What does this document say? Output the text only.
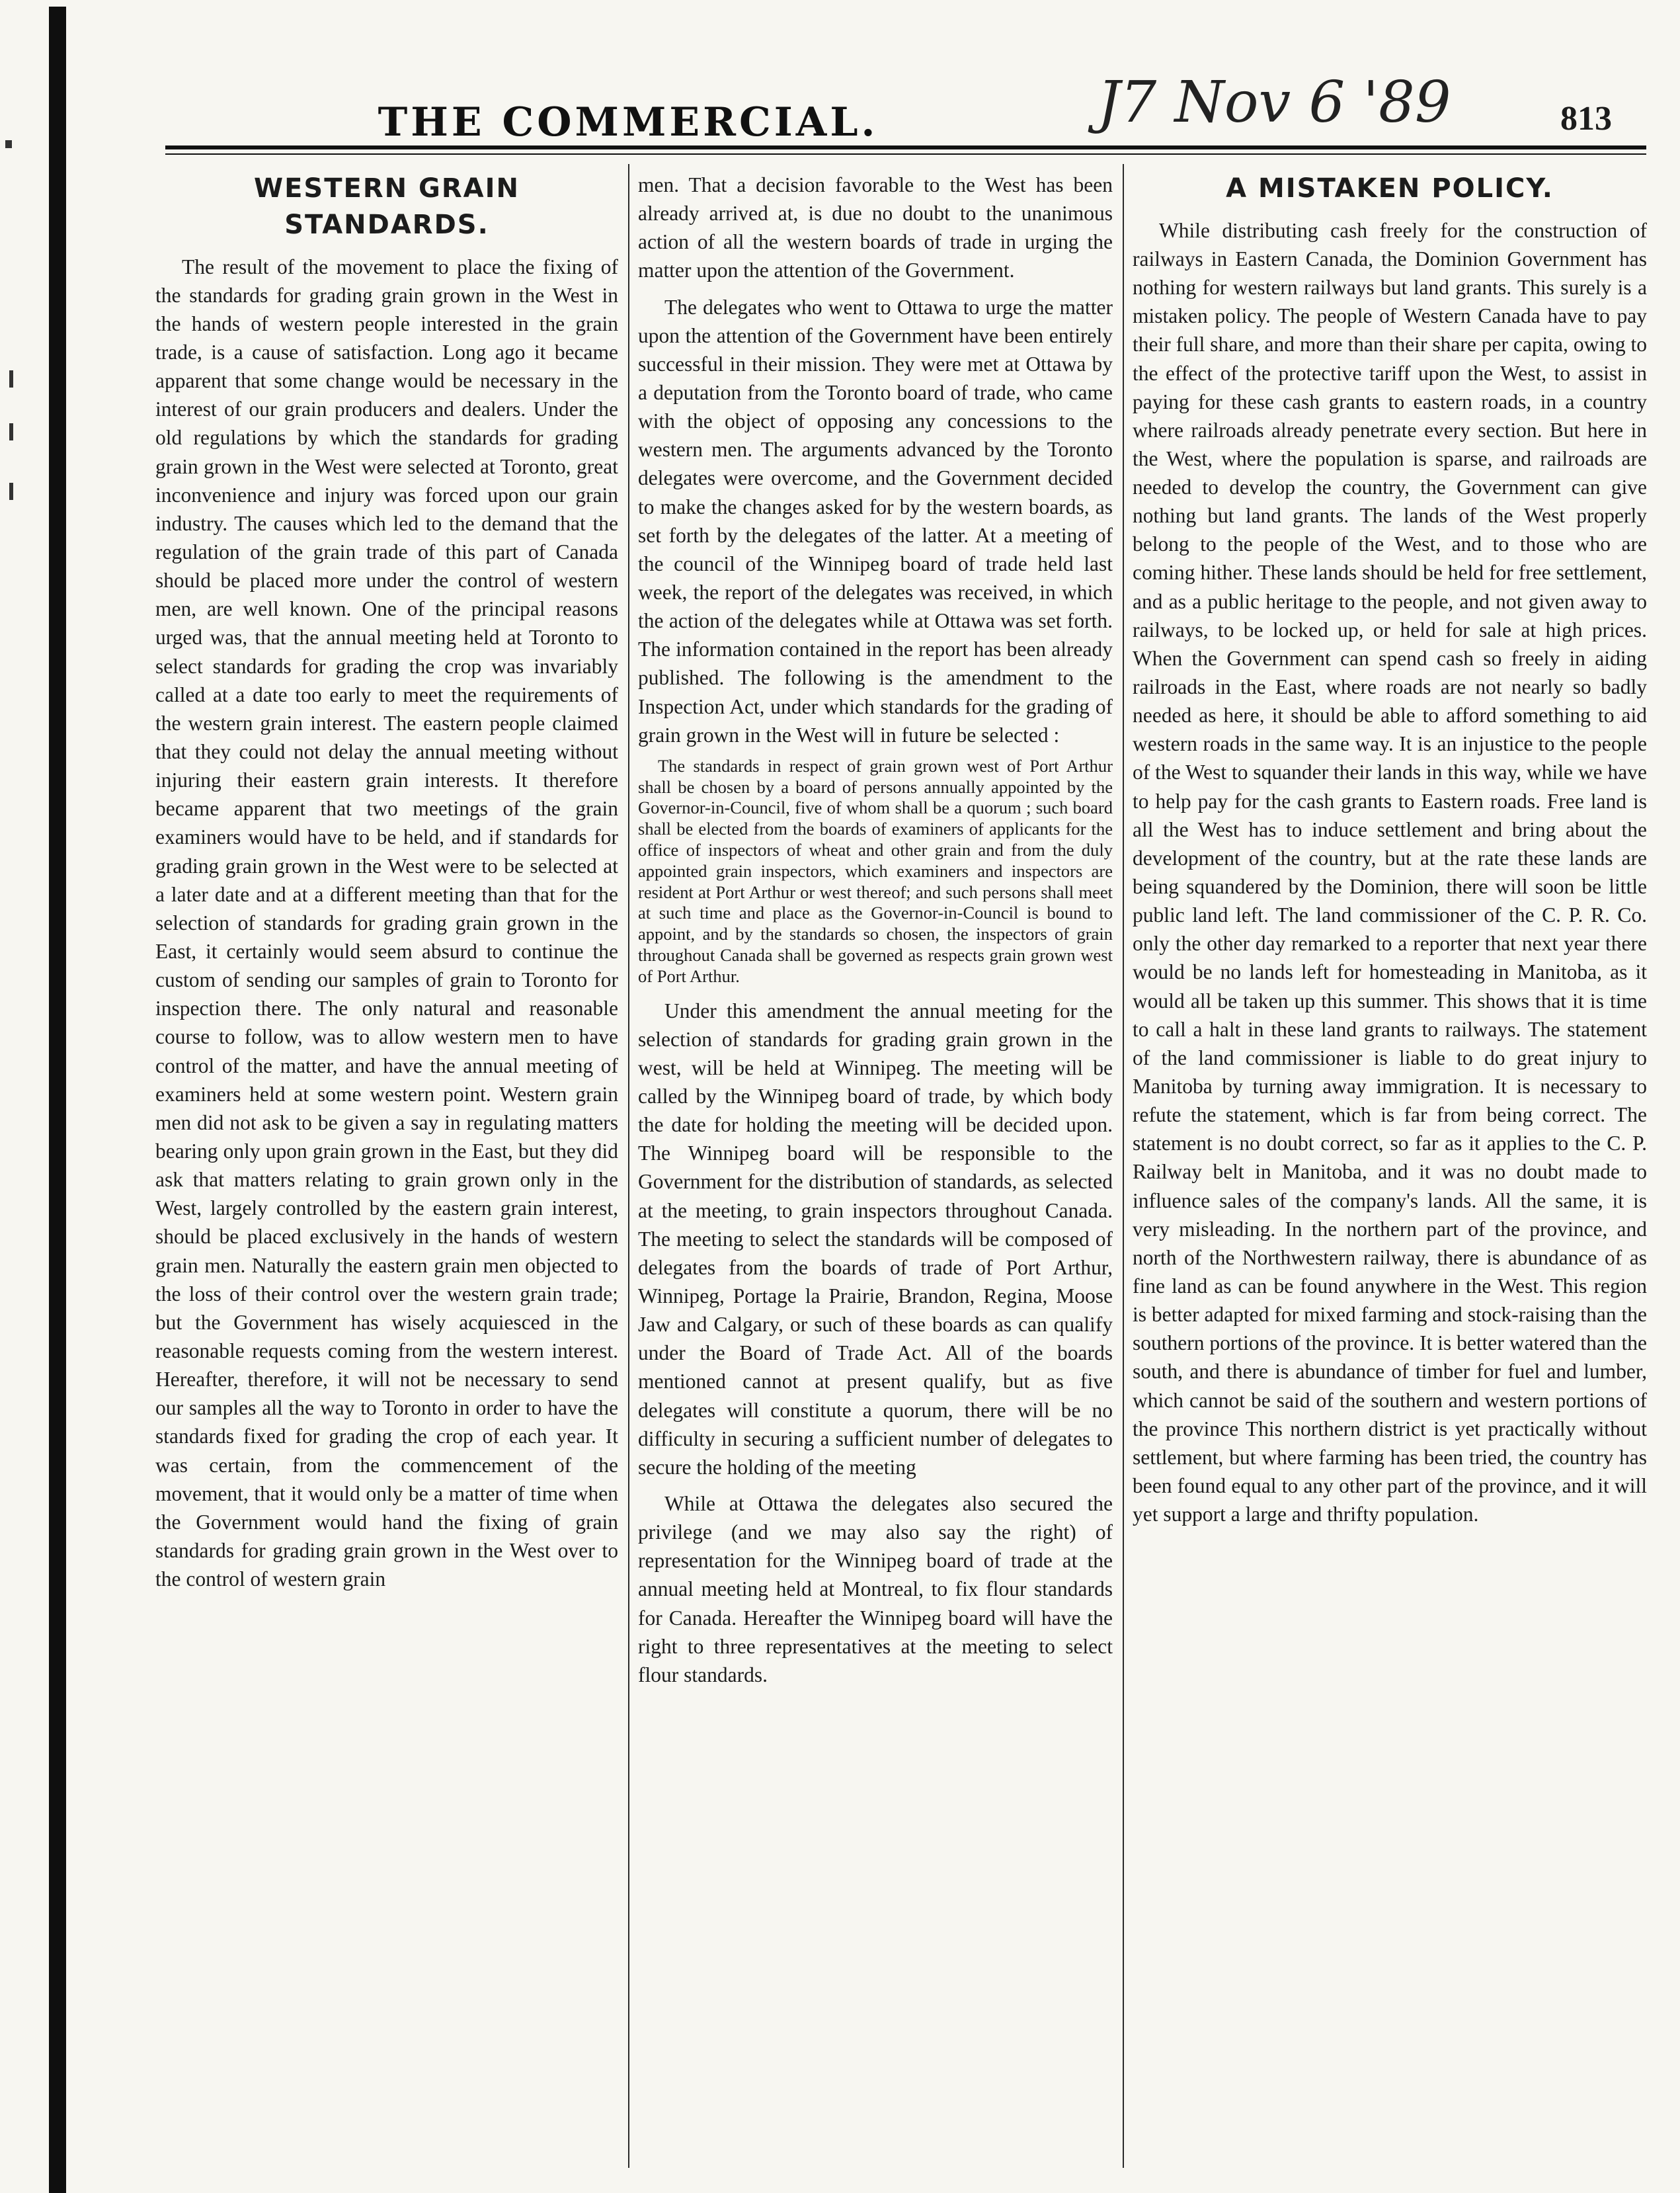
THE COMMERCIAL.	J7 Nov 6 '89	813
WESTERN GRAIN STANDARDS.

The result of the movement to place the fixing of the standards for grading grain grown in the West in the hands of western people interested in the grain trade, is a cause of satisfaction. Long ago it became apparent that some change would be necessary in the interest of our grain producers and dealers. Under the old regulations by which the standards for grading grain grown in the West were selected at Toronto, great inconvenience and injury was forced upon our grain industry. The causes which led to the demand that the regulation of the grain trade of this part of Canada should be placed more under the control of western men, are well known. One of the principal reasons urged was, that the annual meeting held at Toronto to select standards for grading the crop was invariably called at a date too early to meet the requirements of the western grain interest. The eastern people claimed that they could not delay the annual meeting without injuring their eastern grain interests. It therefore became apparent that two meetings of the grain examiners would have to be held, and if standards for grading grain grown in the West were to be selected at a later date and at a different meeting than that for the selection of standards for grading grain grown in the East, it certainly would seem absurd to continue the custom of sending our samples of grain to Toronto for inspection there. The only natural and reasonable course to follow, was to allow western men to have control of the matter, and have the annual meeting of examiners held at some western point. Western grain men did not ask to be given a say in regulating matters bearing only upon grain grown in the East, but they did ask that matters relating to grain grown only in the West, largely controlled by the eastern grain interest, should be placed exclusively in the hands of western grain men. Naturally the eastern grain men objected to the loss of their control over the western grain trade; but the Government has wisely acquiesced in the reasonable requests coming from the western interest. Hereafter, therefore, it will not be necessary to send our samples all the way to Toronto in order to have the standards fixed for grading the crop of each year. It was certain, from the commencement of the movement, that it would only be a matter of time when the Government would hand the fixing of grain standards for grading grain grown in the West over to the control of western grain

men. That a decision favorable to the West has been already arrived at, is due no doubt to the unanimous action of all the western boards of trade in urging the matter upon the attention of the Government.

The delegates who went to Ottawa to urge the matter upon the attention of the Government have been entirely successful in their mission. They were met at Ottawa by a deputation from the Toronto board of trade, who came with the object of opposing any concessions to the western men. The arguments advanced by the Toronto delegates were overcome, and the Government decided to make the changes asked for by the western boards, as set forth by the delegates of the latter. At a meeting of the council of the Winnipeg board of trade held last week, the report of the delegates was received, in which the action of the delegates while at Ottawa was set forth. The information contained in the report has been already published. The following is the amendment to the Inspection Act, under which standards for the grading of grain grown in the West will in future be selected :

The standards in respect of grain grown west of Port Arthur shall be chosen by a board of persons annually appointed by the Governor-in-Council, five of whom shall be a quorum ; such board shall be elected from the boards of examiners of applicants for the office of inspectors of wheat and other grain and from the duly appointed grain inspectors, which examiners and inspectors are resident at Port Arthur or west thereof; and such persons shall meet at such time and place as the Governor-in-Council is bound to appoint, and by the standards so chosen, the inspectors of grain throughout Canada shall be governed as respects grain grown west of Port Arthur.

Under this amendment the annual meeting for the selection of standards for grading grain grown in the west, will be held at Winnipeg. The meeting will be called by the Winnipeg board of trade, by which body the date for holding the meeting will be decided upon. The Winnipeg board will be responsible to the Government for the distribution of standards, as selected at the meeting, to grain inspectors throughout Canada. The meeting to select the standards will be composed of delegates from the boards of trade of Port Arthur, Winnipeg, Portage la Prairie, Brandon, Regina, Moose Jaw and Calgary, or such of these boards as can qualify under the Board of Trade Act. All of the boards mentioned cannot at present qualify, but as five delegates will constitute a quorum, there will be no difficulty in securing a sufficient number of delegates to secure the holding of the meeting

While at Ottawa the delegates also secured the privilege (and we may also say the right) of representation for the Winnipeg board of trade at the annual meeting held at Montreal, to fix flour standards for Canada. Hereafter the Winnipeg board will have the right to three representatives at the meeting to select flour standards.

A MISTAKEN POLICY.

While distributing cash freely for the construction of railways in Eastern Canada, the Dominion Government has nothing for western railways but land grants. This surely is a mistaken policy. The people of Western Canada have to pay their full share, and more than their share per capita, owing to the effect of the protective tariff upon the West, to assist in paying for these cash grants to eastern roads, in a country where railroads already penetrate every section. But here in the West, where the population is sparse, and railroads are needed to develop the country, the Government can give nothing but land grants. The lands of the West properly belong to the people of the West, and to those who are coming hither. These lands should be held for free settlement, and as a public heritage to the people, and not given away to railways, to be locked up, or held for sale at high prices. When the Government can spend cash so freely in aiding railroads in the East, where roads are not nearly so badly needed as here, it should be able to afford something to aid western roads in the same way. It is an injustice to the people of the West to squander their lands in this way, while we have to help pay for the cash grants to Eastern roads. Free land is all the West has to induce settlement and bring about the development of the country, but at the rate these lands are being squandered by the Dominion, there will soon be little public land left. The land commissioner of the C. P. R. Co. only the other day remarked to a reporter that next year there would be no lands left for homesteading in Manitoba, as it would all be taken up this summer. This shows that it is time to call a halt in these land grants to railways. The statement of the land commissioner is liable to do great injury to Manitoba by turning away immigration. It is necessary to refute the statement, which is far from being correct. The statement is no doubt correct, so far as it applies to the C. P. Railway belt in Manitoba, and it was no doubt made to influence sales of the company's lands. All the same, it is very misleading. In the northern part of the province, and north of the Northwestern railway, there is abundance of as fine land as can be found anywhere in the West. This region is better adapted for mixed farming and stock-raising than the southern portions of the province. It is better watered than the south, and there is abundance of timber for fuel and lumber, which cannot be said of the southern and western portions of the province This northern district is yet practically without settlement, but where farming has been tried, the country has been found equal to any other part of the province, and it will yet support a large and thrifty population.
